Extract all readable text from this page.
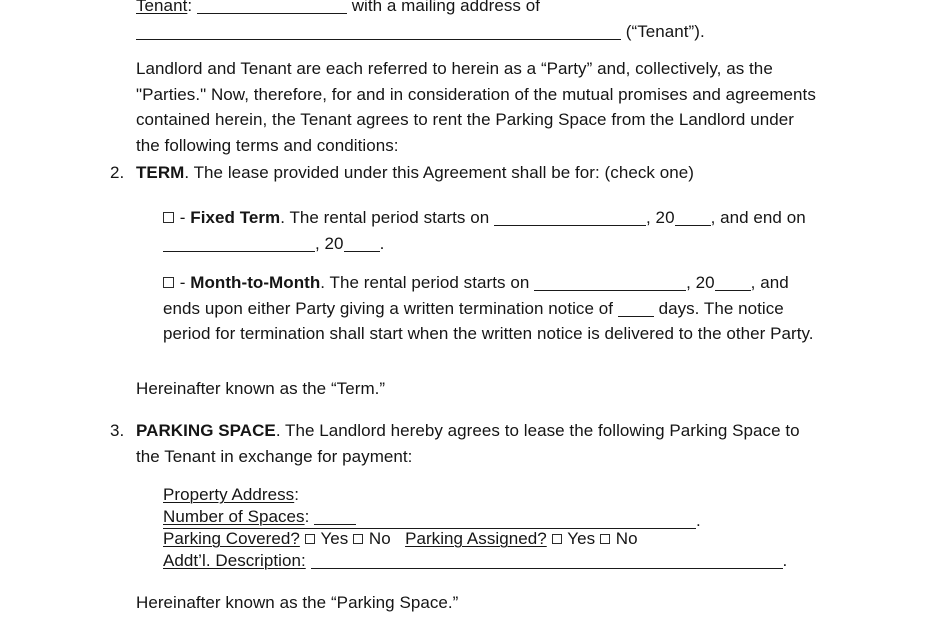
Tenant:	with a mailing address of
(“Tenant”).
Landlord and Tenant are each referred to herein as a “Party” and, collectively, as the "Parties." Now, therefore, for and in consideration of the mutual promises and agreements contained herein, the Tenant agrees to rent the Parking Space from the Landlord under the following terms and conditions:
2. TERM. The lease provided under this Agreement shall be for: (check one)
- Fixed Term. The rental period starts on	, 20 , and end on , 20 .
- Month-to-Month. The rental period starts on	, 20 , and ends upon either Party giving a written termination notice of  days. The notice period for termination shall start when the written notice is delivered to the other Party.
Hereinafter known as the “Term.”
3. PARKING SPACE. The Landlord hereby agrees to lease the following Parking Space to the Tenant in exchange for payment:
Property Address: .
Number of Spaces:
Parking Covered? Yes No Parking Assigned? Yes No
Addt’l. Description:	.
Hereinafter known as the “Parking Space.”
